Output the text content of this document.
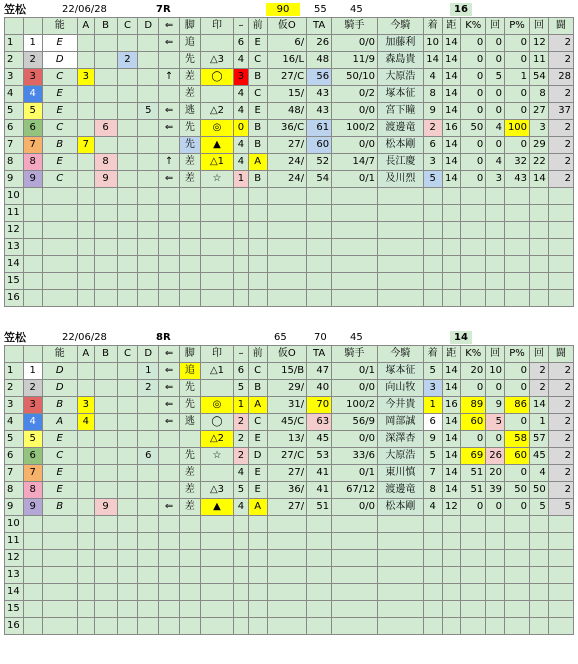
笠松	22/06/28	7R	90	55 45	16
		能	A	B	C	D	⇐	脚	印	–	前	仮O	TA	騎手	今騎	着	距	K%	回	P%	回	闘
1	1	E					⇐	追		6	E	6/	26	0/0	加藤利	10	14	0	0	0	12	2
2	2	D			2			先	△3	4	C	16/L	48	11/9	森島貴	14	14	0	0	0	11	2
3	3	C	3				↑	差	◯	3	B	27/C	56	50/10	大原浩	4	14	0	5	1	54	28
4	4	E						差		4	C	15/	43	0/2	塚本征	8	14	0	0	0	8	2
5	5	E				5	⇐	逃	△2	4	E	48/	43	0/0	宮下瞳	9	14	0	0	0	27	37
6	6	C		6			⇐	先	◎	0	B	36/C	61	100/2	渡邊竜	2	16	50	4	100	3	2
7	7	B	7					先	▲	4	B	27/	60	0/0	松本剛	6	14	0	0	0	29	2
8	8	E		8			↑	差	△1	4	A	24/	52	14/7	長江慶	3	14	0	4	32	22	2
9	9	C		9			⇐	差	☆	1	B	24/	54	0/1	及川烈	5	14	0	3	43	14	2
10																						
11																						
12																						
13																						
14																						
15																						
16																						
笠松	22/06/28	8R	65	70 45	14
		能	A	B	C	D	⇐	脚	印	–	前	仮O	TA	騎手	今騎	着	距	K%	回	P%	回	闘
1	1	D				1	⇐	追	△1	6	C	15/B	47	0/1	塚本征	5	14	20	10	0	2	2
2	2	D				2	⇐	先		5	B	29/	40	0/0	向山牧	3	14	0	0	0	2	2
3	3	B	3				⇐	先	◎	1	A	31/	70	100/2	今井貴	1	16	89	9	86	14	2
4	4	A	4				⇐	逃	◯	2	C	45/C	63	56/9	岡部誠	6	14	60	5	0	1	2
5	5	E							△2	2	E	13/	45	0/0	深澤杏	9	14	0	0	58	57	2
6	6	C				6		先	☆	2	D	27/C	53	33/6	大原浩	5	14	69	26	60	45	2
7	7	E						差		4	E	27/	41	0/1	東川慎	7	14	51	20	0	4	2
8	8	E						差	△3	5	E	36/	41	67/12	渡邊竜	8	14	51	39	50	50	2
9	9	B		9			⇐	差	▲	4	A	27/	51	0/0	松本剛	4	12	0	0	0	5	5
10																						
11																						
12																						
13																						
14																						
15																						
16																						
